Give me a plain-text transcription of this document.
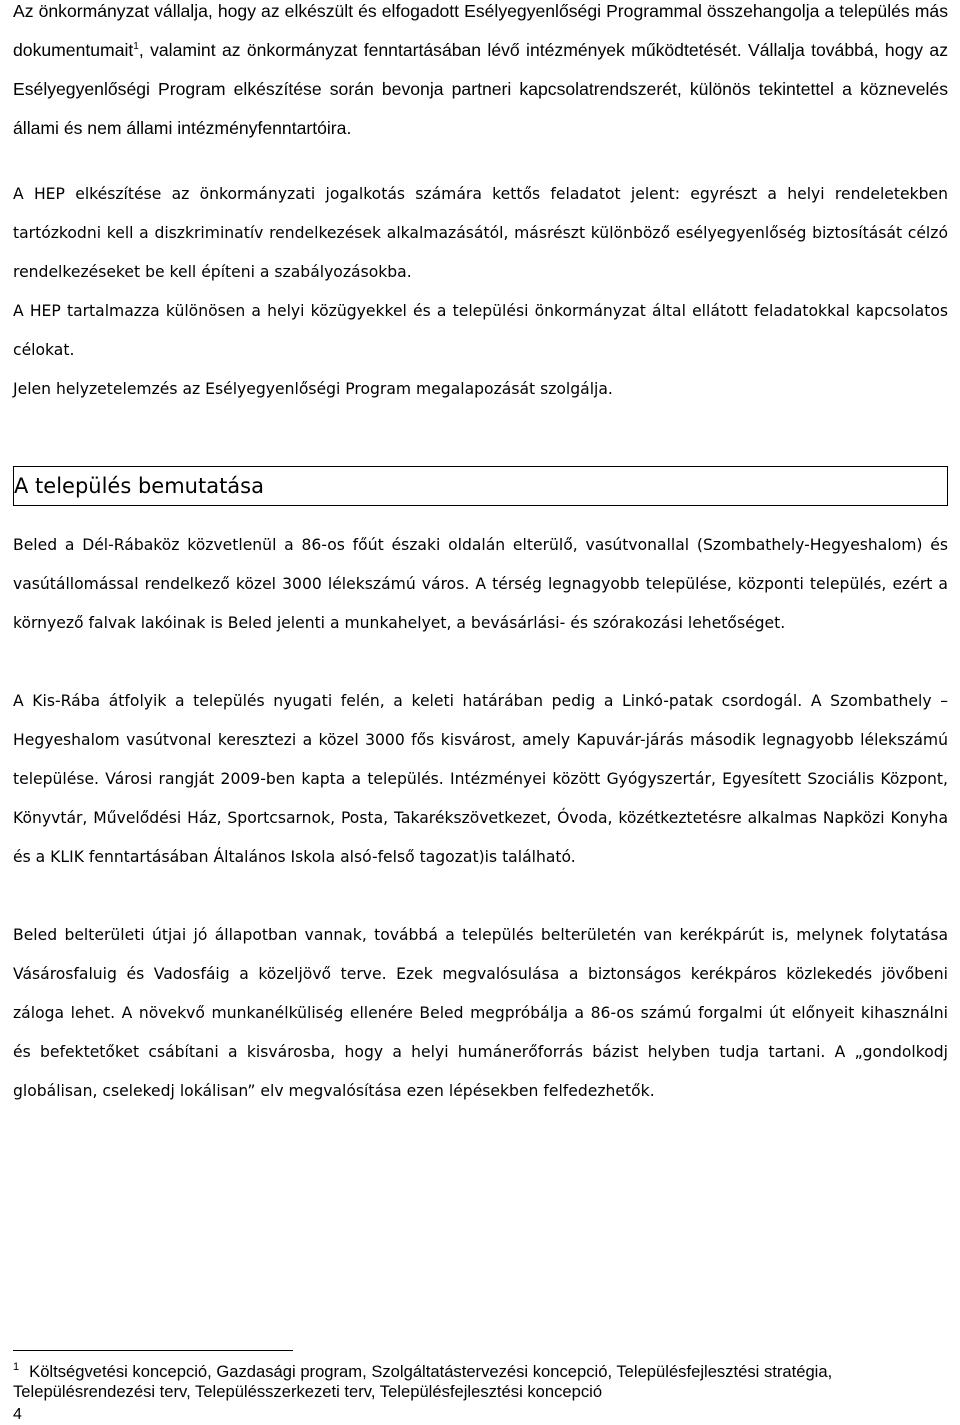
Az önkormányzat vállalja, hogy az elkészült és elfogadott Esélyegyenlőségi Programmal összehangolja a település más dokumentumait$^1$, valamint az önkormányzat fenntartásában lévő intézmények működtetését. Vállalja továbbá, hogy az Esélyegyenlőségi Program elkészítése során bevonja partneri kapcsolatrendszerét, különös tekintettel a köznevelés állami és nem állami intézményfenntartóira.

A HEP elkészítése az önkormányzati jogalkotás számára kettős feladatot jelent: egyrészt a helyi rendeletekben tartózkodni kell a diszkriminatív rendelkezések alkalmazásától, másrészt különböző esélyegyenlőség biztosítását célzó rendelkezéseket be kell építeni a szabályozásokba.

A HEP tartalmazza különösen a helyi közügyekkel és a települési önkormányzat által ellátott feladatokkal kapcsolatos célokat.

Jelen helyzetelemzés az Esélyegyenlőségi Program megalapozását szolgálja.

A település bemutatása

Beled a Dél-Rábaköz közvetlenül a 86-os főút északi oldalán elterülő, vasútvonallal (Szombathely-Hegyeshalom) és vasútállomással rendelkező közel 3000 lélekszámú város. A térség legnagyobb települése, központi település, ezért a környező falvak lakóinak is Beled jelenti a munkahelyet, a bevásárlási- és szórakozási lehetőséget.

A Kis-Rába átfolyik a település nyugati felén, a keleti határában pedig a Linkó-patak csordogál. A Szombathely –Hegyeshalom vasútvonal keresztezi a közel 3000 fős kisvárost, amely Kapuvár-járás második legnagyobb lélekszámú települése. Városi rangját 2009-ben kapta a település. Intézményei között Gyógyszertár, Egyesített Szociális Központ, Könyvtár, Művelődési Ház, Sportcsarnok, Posta, Takarékszövetkezet, Óvoda, közétkeztetésre alkalmas Napközi Konyha és a KLIK fenntartásában Általános Iskola alsó-felső tagozat)is található.

Beled belterületi útjai jó állapotban vannak, továbbá a település belterületén van kerékpárút is, melynek folytatása Vásárosfaluig és Vadosfáig a közeljövő terve. Ezek megvalósulása a biztonságos kerékpáros közlekedés jövőbeni záloga lehet. A növekvő munkanélküliség ellenére Beled megpróbálja a 86-os számú forgalmi út előnyeit kihasználni és befektetőket csábítani a kisvárosba, hogy a helyi humánerőforrás bázist helyben tudja tartani. A „gondolkodj globálisan, cselekedj lokálisan” elv megvalósítása ezen lépésekben felfedezhetők.

$^1$ Költségvetési koncepció, Gazdasági program, Szolgáltatástervezési koncepció, Településfejlesztési stratégia, Településrendezési terv, Településszerkezeti terv, Településfejlesztési koncepció
4
